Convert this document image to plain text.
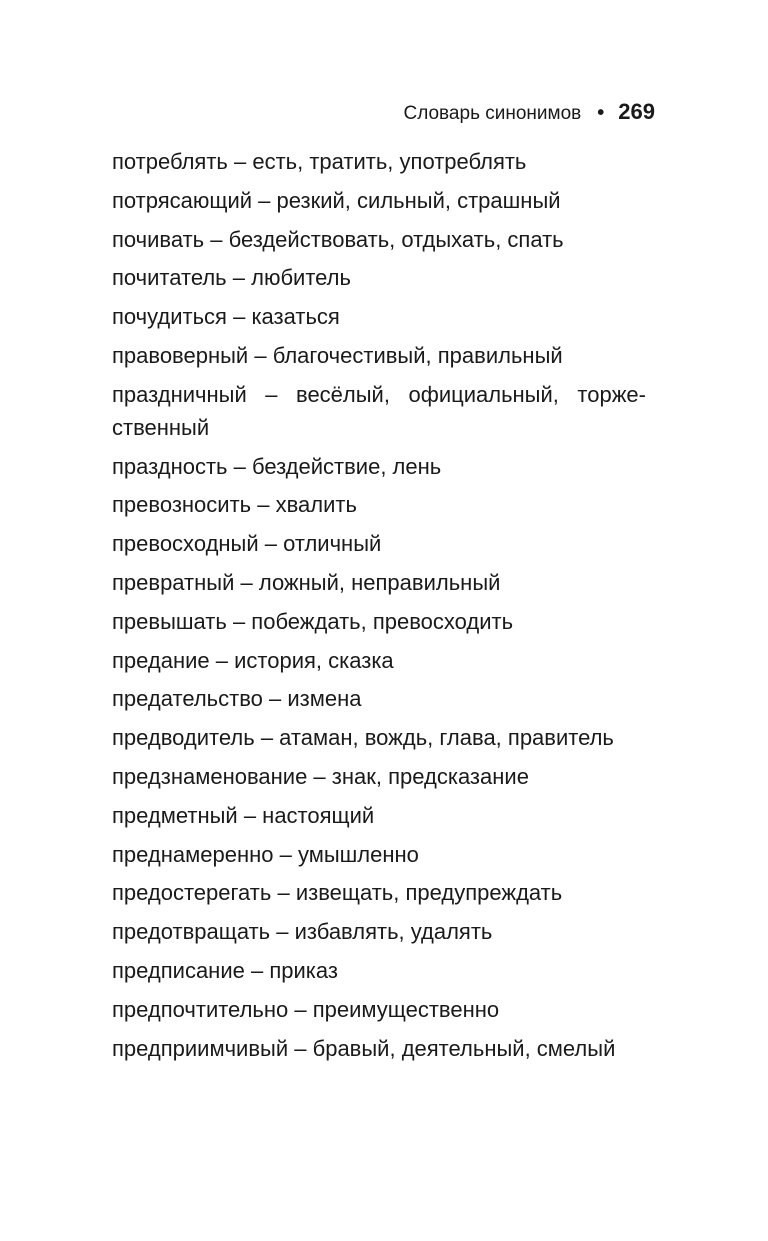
Словарь синонимов • 269
потреблять – есть, тратить, употреблять
потрясающий – резкий, сильный, страшный
почивать – бездействовать, отдыхать, спать
почитатель – любитель
почудиться – казаться
правоверный – благочестивый, правильный
праздничный – весёлый, официальный, торжественный
праздность – бездействие, лень
превозносить – хвалить
превосходный – отличный
превратный – ложный, неправильный
превышать – побеждать, превосходить
предание – история, сказка
предательство – измена
предводитель – атаман, вождь, глава, правитель
предзнаменование – знак, предсказание
предметный – настоящий
преднамеренно – умышленно
предостерегать – извещать, предупреждать
предотвращать – избавлять, удалять
предписание – приказ
предпочтительно – преимущественно
предприимчивый – бравый, деятельный, смелый
